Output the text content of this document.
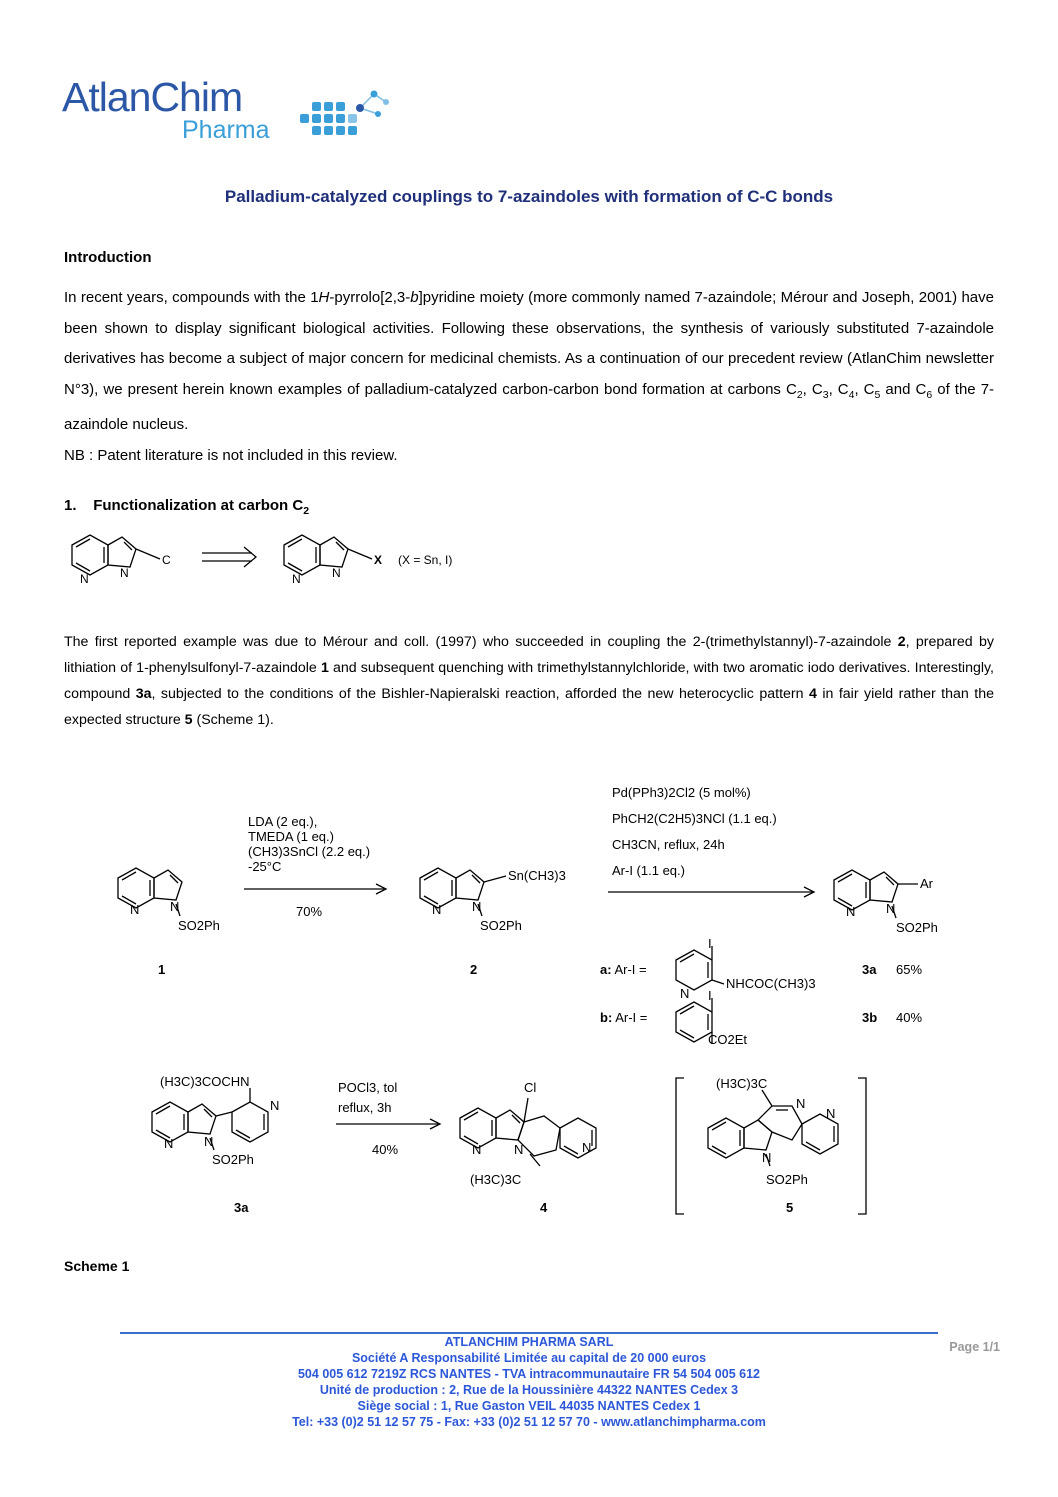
AtlanChim
Pharma
Palladium-catalyzed couplings to 7-azaindoles with formation of C-C bonds
Introduction

In recent years, compounds with the 1H-pyrrolo[2,3-b]pyridine moiety (more commonly named 7-azaindole; Mérour and Joseph, 2001) have been shown to display significant biological activities. Following these observations, the synthesis of variously substituted 7-azaindole derivatives has become a subject of major concern for medicinal chemists. As a continuation of our precedent review (AtlanChim newsletter N°3), we present herein known examples of palladium-catalyzed carbon-carbon bond formation at carbons $C_2$, $C_3$, $C_4$, $C_5$ and $C_6$ of the 7-azaindole nucleus.

NB : Patent literature is not included in this review.

1. Functionalization at carbon $C_2$
N	N
C
N	N
X (X = Sn, I)

The first reported example was due to Mérour and coll. (1997) who succeeded in coupling the 2-(trimethylstannyl)-7-azaindole 2, prepared by lithiation of 1-phenylsulfonyl-7-azaindole 1 and subsequent quenching with trimethylstannylchloride, with two aromatic iodo derivatives. Interestingly, compound 3a, subjected to the conditions of the Bishler-Napieralski reaction, afforded the new heterocyclic pattern 4 in fair yield rather than the expected structure 5 (Scheme 1).

N N
SO2Ph
1
LDA (2 eq.),
TMEDA (1 eq.)
(CH3)3SnCl (2.2 eq.)
-25°C
70%	N N
Sn(CH3)3
SO2Ph
2
Pd(PPh3)2Cl2 (5 mol%)
PhCH2(C2H5)3NCl (1.1 eq.)
CH3CN, reflux, 24h
Ar-I (1.1 eq.)
N N
Ar
SO2Ph
a: Ar-I =
I
N
NHCOC(CH3)3
3a 65%
b: Ar-I =
I
CO2Et
3b 40%
(H3C)3COCHN
N
N N
SO2Ph
3a
POCl3, tol
reflux, 3h
40%
Cl
N	N	N
(H3C)3C
4
(H3C)3C
N
N
N
SO2Ph
5
Scheme 1
ATLANCHIM PHARMA SARL
Société A Responsabilité Limitée au capital de 20 000 euros
504 005 612 7219Z RCS NANTES - TVA intracommunautaire FR 54 504 005 612
Unité de production : 2, Rue de la Houssinière 44322 NANTES Cedex 3
Siège social : 1, Rue Gaston VEIL 44035 NANTES Cedex 1
Tel: +33 (0)2 51 12 57 75 - Fax: +33 (0)2 51 12 57 70 - www.atlanchimpharma.com
Page 1/1
